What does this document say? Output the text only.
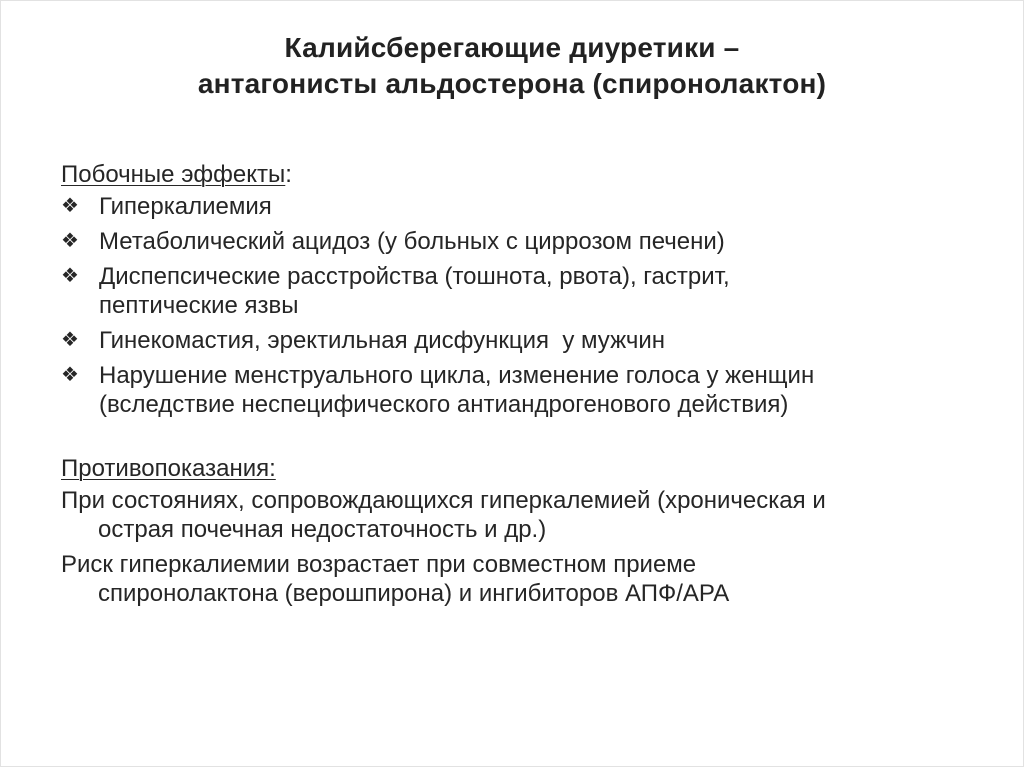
Калийсберегающие диуретики –
антагонисты альдостерона (спиронолактон)
Побочные эффекты:
❖ Гиперкалиемия
❖ Метаболический ацидоз (у больных с циррозом печени)
❖ Диспепсические расстройства (тошнота, рвота), гастрит,
пептические язвы
❖ Гинекомастия, эректильная дисфункция  у мужчин
❖ Нарушение менструального цикла, изменение голоса у женщин
(вследствие неспецифического антиандрогенового действия)
Противопоказания:
При состояниях, сопровождающихся гиперкалемией (хроническая и
острая почечная недостаточность и др.)
Риск гиперкалиемии возрастает при совместном приеме
спиронолактона (верошпирона) и ингибиторов АПФ/АРА
